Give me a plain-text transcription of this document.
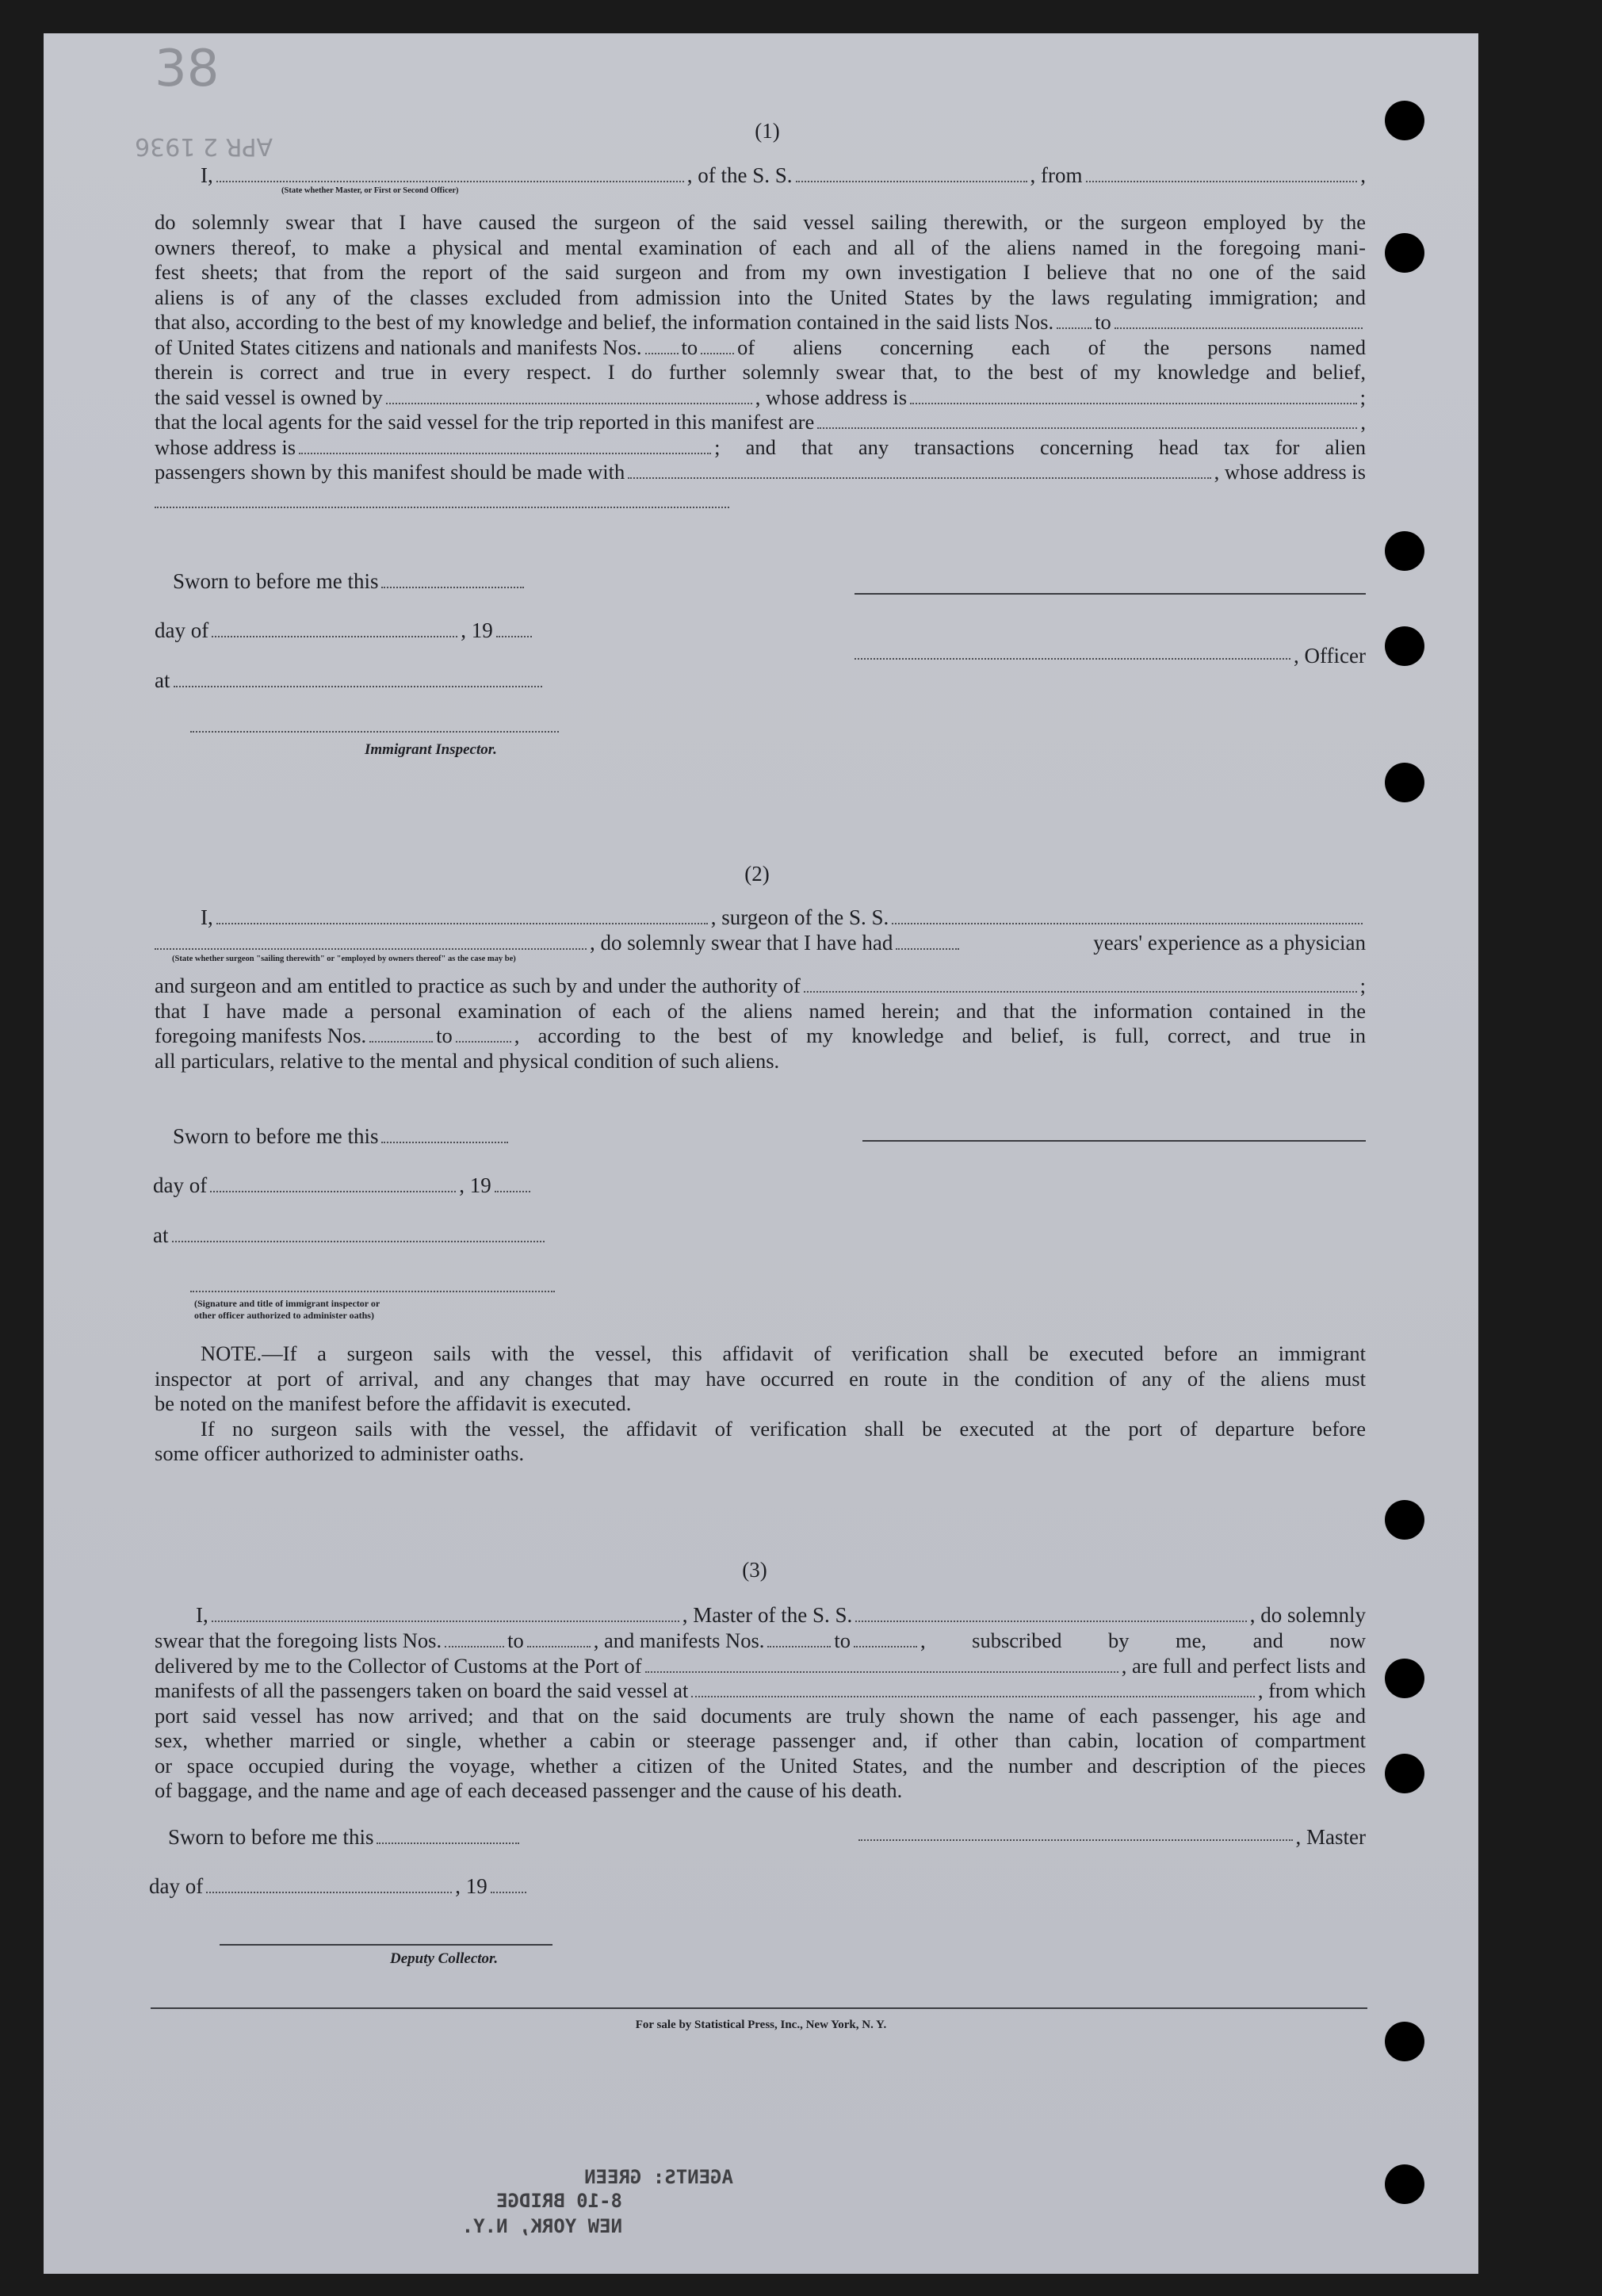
38
APR 2 1936
(1)
I,	, of the S. S.	, from	,
(State whether Master, or First or Second Officer)
do solemnly swear that I have caused the surgeon of the said vessel sailing therewith, or the surgeon employed by the
owners thereof, to make a physical and mental examination of each and all of the aliens named in the foregoing mani-
fest sheets; that from the report of the said surgeon and from my own investigation I believe that no one of the said
aliens is of any of the classes excluded from admission into the United States by the laws regulating immigration; and
that also, according to the best of my knowledge and belief, the information contained in the said lists Nos. to
of United States citizens and nationals and manifests Nos. to of aliens concerning each of the persons named
therein is correct and true in every respect. I do further solemnly swear that, to the best of my knowledge and belief,
the said vessel is owned by	, whose address is	;
that the local agents for the said vessel for the trip reported in this manifest are	,
whose address is	; and that any transactions concerning head tax for alien
passengers shown by this manifest should be made with	, whose address is
Sworn to before me this
day of	, 19
at
Immigrant Inspector.
, Officer
(2)
I,	, surgeon of the S. S.
, do solemnly swear that I have had	years' experience as a physician
(State whether surgeon "sailing therewith" or "employed by owners thereof" as the case may be)
and surgeon and am entitled to practice as such by and under the authority of	;
that I have made a personal examination of each of the aliens named herein; and that the information contained in the
foregoing manifests Nos.	to	, according to the best of my knowledge and belief, is full, correct, and true in
all particulars, relative to the mental and physical condition of such aliens.
Sworn to before me this
day of	, 19
at
(Signature and title of immigrant inspector or
other officer authorized to administer oaths)
NOTE.—If a surgeon sails with the vessel, this affidavit of verification shall be executed before an immigrant
inspector at port of arrival, and any changes that may have occurred en route in the condition of any of the aliens must
be noted on the manifest before the affidavit is executed.
If no surgeon sails with the vessel, the affidavit of verification shall be executed at the port of departure before
some officer authorized to administer oaths.
(3)
I,	, Master of the S. S.	, do solemnly
swear that the foregoing lists Nos.	to	, and manifests Nos.	to	, subscribed by me, and now
delivered by me to the Collector of Customs at the Port of	, are full and perfect lists and
manifests of all the passengers taken on board the said vessel at	, from which
port said vessel has now arrived; and that on the said documents are truly shown the name of each passenger, his age and
sex, whether married or single, whether a cabin or steerage passenger and, if other than cabin, location of compartment
or space occupied during the voyage, whether a citizen of the United States, and the number and description of the pieces
of baggage, and the name and age of each deceased passenger and the cause of his death.
Sworn to before me this	, Master
day of	, 19
Deputy Collector.
For sale by Statistical Press, Inc., New York, N. Y.
AGENTS: GREEN
8-10 BRIDGE
NEW YORK, N.Y.
